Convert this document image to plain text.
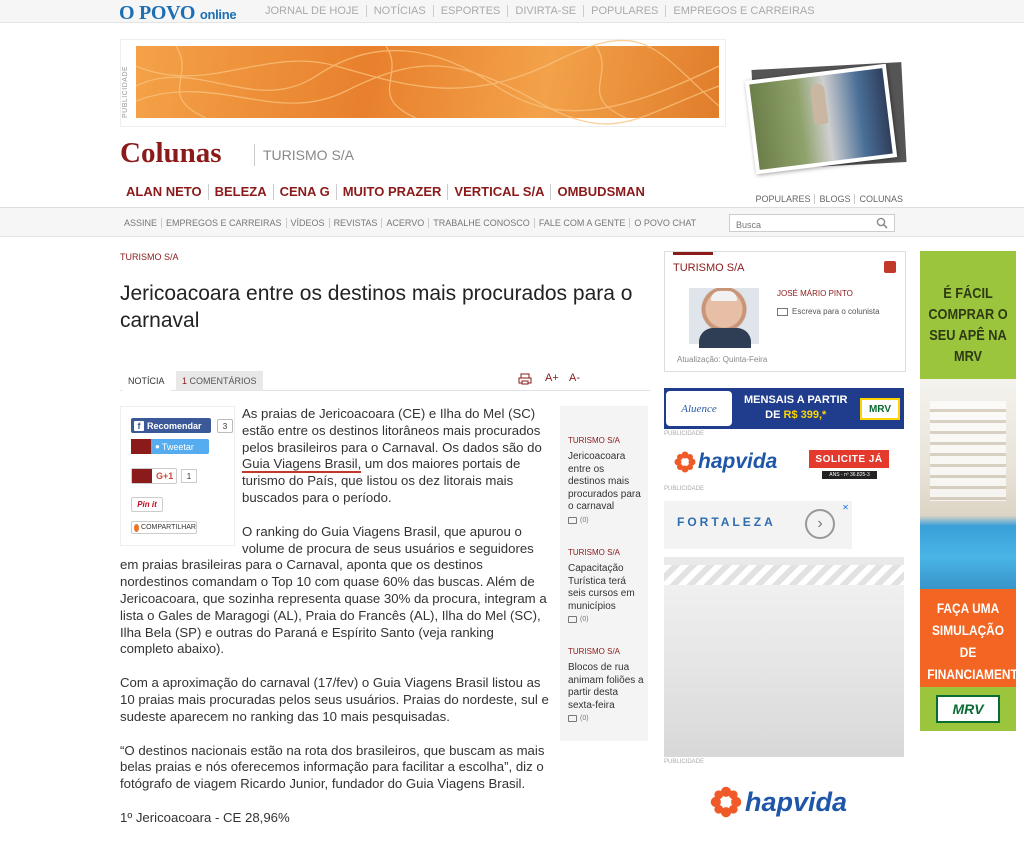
O POVO online	JORNAL DE HOJE	NOTÍCIAS	ESPORTES	DIVIRTA-SE	POPULARES	EMPREGOS E CARREIRAS
PUBLICIDADE
Colunas	TURISMO S/A
ALAN NETO	BELEZA	CENA G	MUITO PRAZER	VERTICAL S/A	OMBUDSMAN	POPULARES	BLOGS	COLUNAS
ASSINE	EMPREGOS E CARREIRAS	VÍDEOS	REVISTAS	ACERVO	TRABALHE CONOSCO	FALE COM A GENTE	O POVO CHAT
Busca
TURISMO S/A
Jericoacoara entre os destinos mais procurados para o carnaval
NOTÍCIA	1 COMENTÁRIOS	A+ A-
f Recomendar	3
● Tweetar
G+1	1
Pin it
COMPARTILHAR

As praias de Jericoacoara (CE) e Ilha do Mel (SC) estão entre os destinos litorâneos mais procurados pelos brasileiros para o Carnaval. Os dados são do Guia Viagens Brasil, um dos maiores portais de turismo do País, que listou os dez litorais mais buscados para o período.

O ranking do Guia Viagens Brasil, que apurou o volume de procura de seus usuários e seguidores em praias brasileiras para o Carnaval, aponta que os destinos nordestinos comandam o Top 10 com quase 60% das buscas. Além de Jericoacoara, que sozinha representa quase 30% da procura, integram a lista o Gales de Maragogi (AL), Praia do Francês (AL), Ilha do Mel (SC), Ilha Bela (SP) e outras do Paraná e Espírito Santo (veja ranking completo abaixo).

Com a aproximação do carnaval (17/fev) o Guia Viagens Brasil listou as 10 praias mais procuradas pelos seus usuários. Praias do nordeste, sul e sudeste aparecem no ranking das 10 mais pesquisadas.

“O destinos nacionais estão na rota dos brasileiros, que buscam as mais belas praias e nós oferecemos informação para facilitar a escolha”, diz o fotógrafo de viagem Ricardo Junior, fundador do Guia Viagens Brasil.

1º Jericoacoara - CE 28,96%

TURISMO S/A
Jericoacoara entre os destinos mais procurados para o carnaval
(0)
TURISMO S/A
Capacitação Turística terá seis cursos em municípios
(0)
TURISMO S/A
Blocos de rua animam foliões a partir desta sexta-feira
(0)
TURISMO S/A
JOSÉ MÁRIO PINTO
Escreva para o colunista
Atualização: Quinta-Feira
Aluence
MENSAIS A PARTIR
DE R$ 399,*	MRV
PUBLICIDADE
hapvida	SOLICITE JÁ
ANS - nº 36.825-3
PUBLICIDADE
FORTALEZA	›
✕
PUBLICIDADE
hapvida
É FÁCIL COMPRAR O SEU APÊ NA MRV
FAÇA UMA SIMULAÇÃO DE FINANCIAMENTO
MRV
